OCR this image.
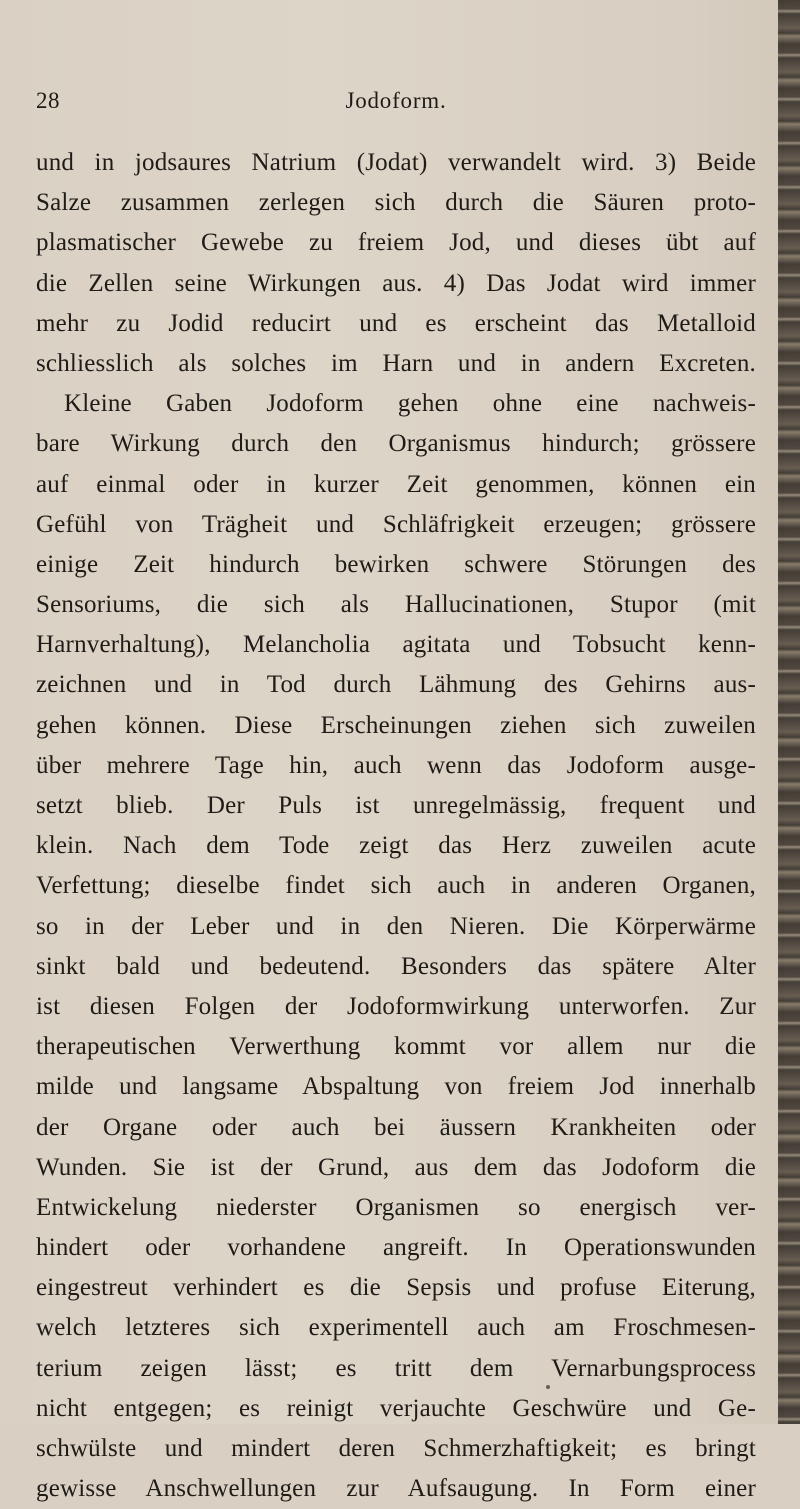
28	Jodoform.
und in jodsaures Natrium (Jodat) verwandelt wird. 3) Beide
Salze zusammen zerlegen sich durch die Säuren proto-
plasmatischer Gewebe zu freiem Jod, und dieses übt auf
die Zellen seine Wirkungen aus. 4) Das Jodat wird immer
mehr zu Jodid reducirt und es erscheint das Metalloid
schliesslich als solches im Harn und in andern Excreten.
Kleine Gaben Jodoform gehen ohne eine nachweis-
bare Wirkung durch den Organismus hindurch; grössere
auf einmal oder in kurzer Zeit genommen, können ein
Gefühl von Trägheit und Schläfrigkeit erzeugen; grössere
einige Zeit hindurch bewirken schwere Störungen des
Sensoriums, die sich als Hallucinationen, Stupor (mit
Harnverhaltung), Melancholia agitata und Tobsucht kenn-
zeichnen und in Tod durch Lähmung des Gehirns aus-
gehen können. Diese Erscheinungen ziehen sich zuweilen
über mehrere Tage hin, auch wenn das Jodoform ausge-
setzt blieb. Der Puls ist unregelmässig, frequent und
klein. Nach dem Tode zeigt das Herz zuweilen acute
Verfettung; dieselbe findet sich auch in anderen Organen,
so in der Leber und in den Nieren. Die Körperwärme
sinkt bald und bedeutend. Besonders das spätere Alter
ist diesen Folgen der Jodoformwirkung unterworfen. Zur
therapeutischen Verwerthung kommt vor allem nur die
milde und langsame Abspaltung von freiem Jod innerhalb
der Organe oder auch bei äussern Krankheiten oder
Wunden. Sie ist der Grund, aus dem das Jodoform die
Entwickelung niederster Organismen so energisch ver-
hindert oder vorhandene angreift. In Operationswunden
eingestreut verhindert es die Sepsis und profuse Eiterung,
welch letzteres sich experimentell auch am Froschmesen-
terium zeigen lässt; es tritt dem Vernarbungsprocess
nicht entgegen; es reinigt verjauchte Geschwüre und Ge-
schwülste und mindert deren Schmerzhaftigkeit; es bringt
gewisse Anschwellungen zur Aufsaugung. In Form einer
